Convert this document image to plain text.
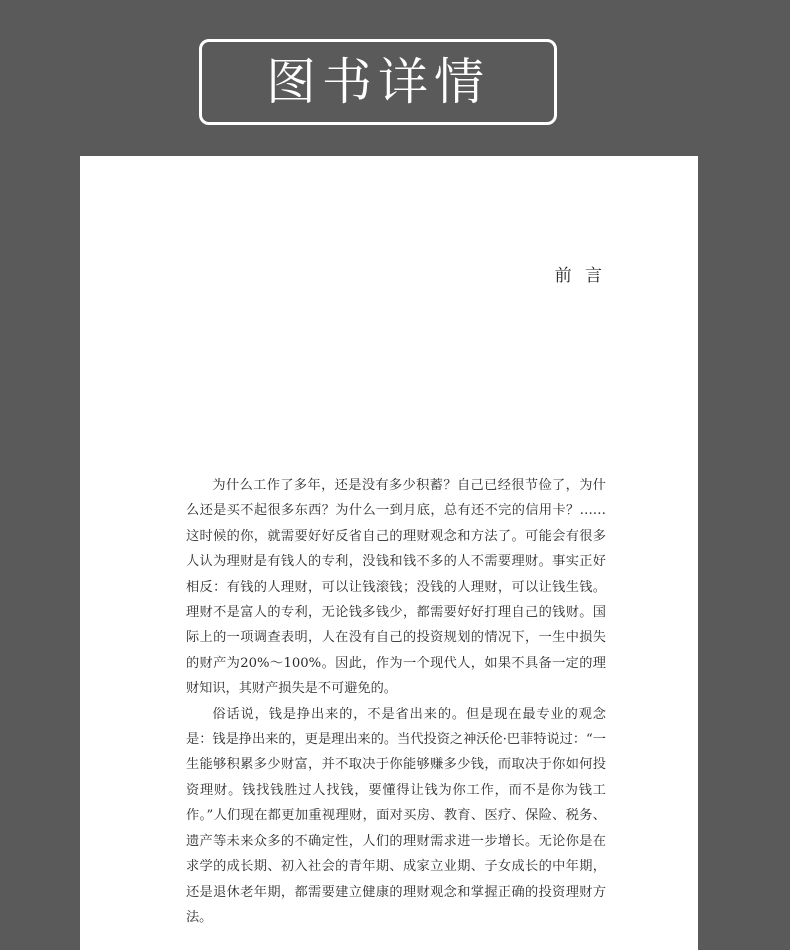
图书详情
前 言

为什么工作了多年，还是没有多少积蓄？自己已经很节俭了，为什么还是买不起很多东西？为什么一到月底，总有还不完的信用卡？……这时候的你，就需要好好反省自己的理财观念和方法了。可能会有很多人认为理财是有钱人的专利，没钱和钱不多的人不需要理财。事实正好相反：有钱的人理财，可以让钱滚钱；没钱的人理财，可以让钱生钱。理财不是富人的专利，无论钱多钱少，都需要好好打理自己的钱财。国际上的一项调查表明，人在没有自己的投资规划的情况下，一生中损失的财产为20%～100%。因此，作为一个现代人，如果不具备一定的理财知识，其财产损失是不可避免的。

俗话说，钱是挣出来的，不是省出来的。但是现在最专业的观念是：钱是挣出来的，更是理出来的。当代投资之神沃伦·巴菲特说过：“一生能够积累多少财富，并不取决于你能够赚多少钱，而取决于你如何投资理财。钱找钱胜过人找钱，要懂得让钱为你工作，而不是你为钱工作。”人们现在都更加重视理财，面对买房、教育、医疗、保险、税务、遗产等未来众多的不确定性，人们的理财需求进一步增长。无论你是在求学的成长期、初入社会的青年期、成家立业期、子女成长的中年期，还是退休老年期，都需要建立健康的理财观念和掌握正确的投资理财方法。
